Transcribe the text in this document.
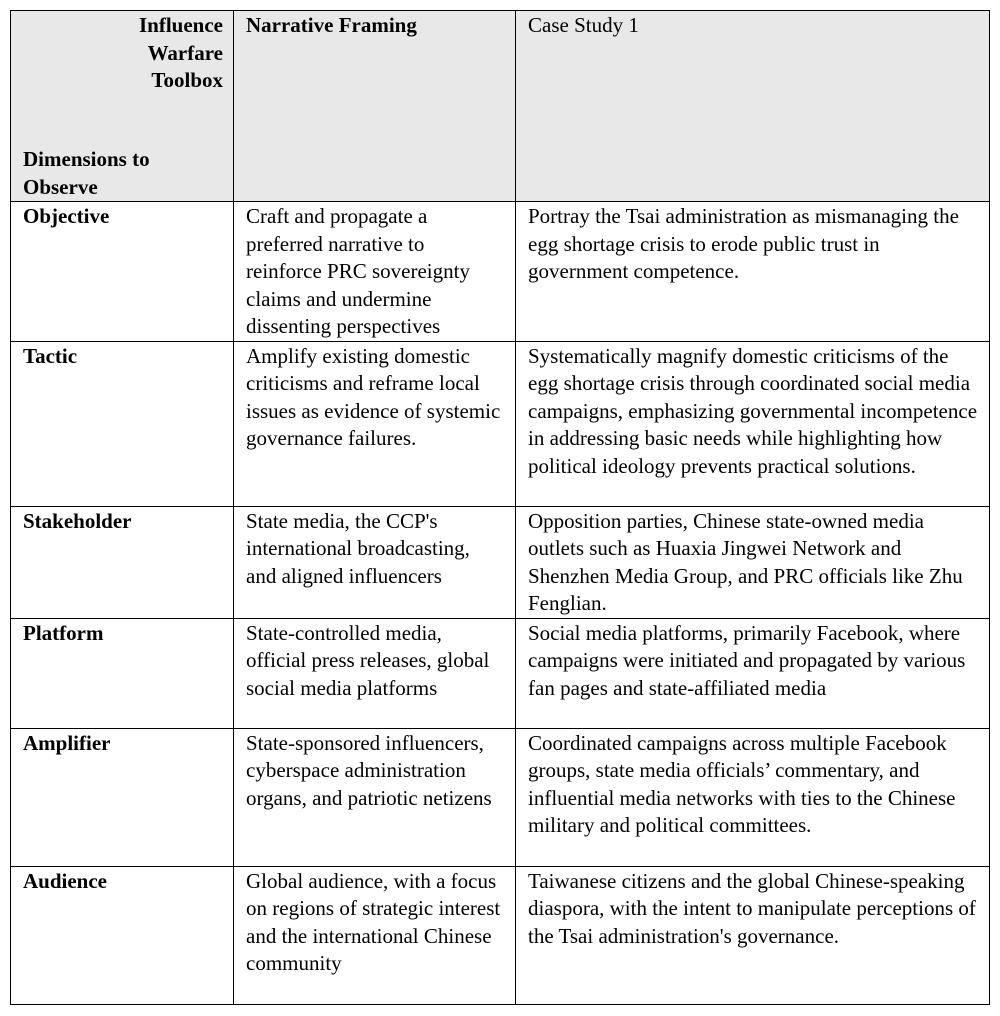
Influence Warfare Toolbox
Dimensions to Observe	Narrative Framing	Case Study 1
Objective	Craft and propagate a preferred narrative to reinforce PRC sovereignty claims and undermine dissenting perspectives	Portray the Tsai administration as mismanaging the egg shortage crisis to erode public trust in government competence.
Tactic	Amplify existing domestic criticisms and reframe local issues as evidence of systemic governance failures.	Systematically magnify domestic criticisms of the egg shortage crisis through coordinated social media campaigns, emphasizing governmental incompetence in addressing basic needs while highlighting how political ideology prevents practical solutions.
Stakeholder	State media, the CCP's international broadcasting, and aligned influencers	Opposition parties, Chinese state-owned media outlets such as Huaxia Jingwei Network and Shenzhen Media Group, and PRC officials like Zhu Fenglian.
Platform	State-controlled media, official press releases, global social media platforms	Social media platforms, primarily Facebook, where campaigns were initiated and propagated by various fan pages and state-affiliated media
Amplifier	State-sponsored influencers, cyberspace administration organs, and patriotic netizens	Coordinated campaigns across multiple Facebook groups, state media officials’ commentary, and influential media networks with ties to the Chinese military and political committees.
Audience	Global audience, with a focus on regions of strategic interest and the international Chinese community	Taiwanese citizens and the global Chinese-speaking diaspora, with the intent to manipulate perceptions of the Tsai administration's governance.
